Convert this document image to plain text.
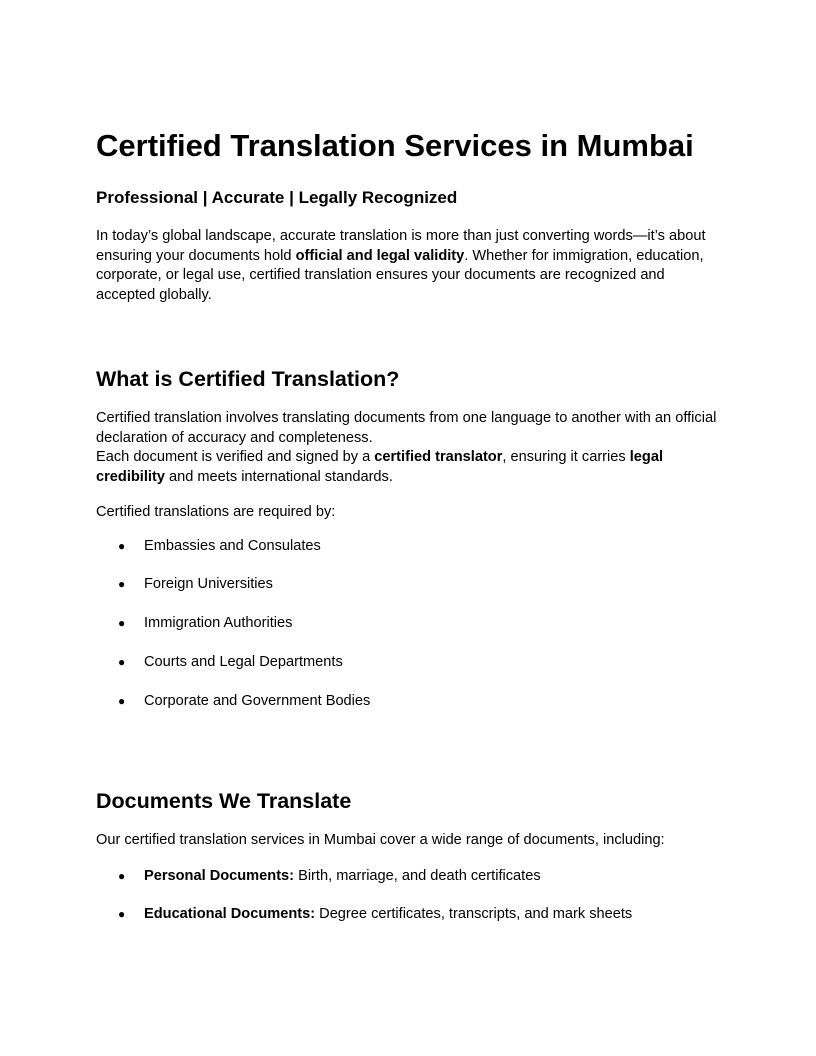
Certified Translation Services in Mumbai
Professional | Accurate | Legally Recognized

In today’s global landscape, accurate translation is more than just converting words—it’s about ensuring your documents hold official and legal validity. Whether for immigration, education, corporate, or legal use, certified translation ensures your documents are recognized and accepted globally.

What is Certified Translation?

Certified translation involves translating documents from one language to another with an official declaration of accuracy and completeness.
Each document is verified and signed by a certified translator, ensuring it carries legal credibility and meets international standards.

Certified translations are required by:

● Embassies and Consulates
● Foreign Universities
● Immigration Authorities
● Courts and Legal Departments
● Corporate and Government Bodies
Documents We Translate

Our certified translation services in Mumbai cover a wide range of documents, including:

● Personal Documents: Birth, marriage, and death certificates
● Educational Documents: Degree certificates, transcripts, and mark sheets
